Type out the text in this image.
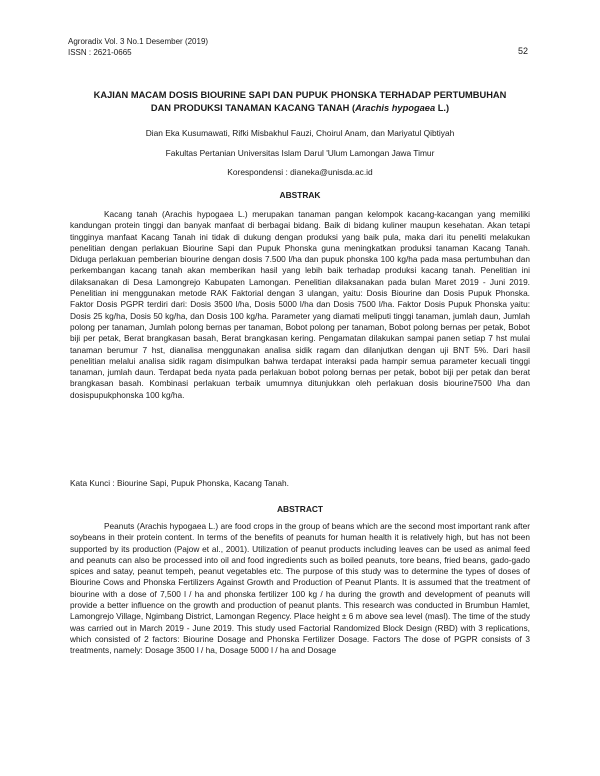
Agroradix Vol. 3 No.1 Desember (2019)
ISSN : 2621-0665	52
KAJIAN MACAM DOSIS BIOURINE SAPI DAN PUPUK PHONSKA TERHADAP PERTUMBUHAN
DAN PRODUKSI TANAMAN KACANG TANAH (Arachis hypogaea L.)
Dian Eka Kusumawati, Rifki Misbakhul Fauzi, Choirul Anam, dan Mariyatul Qibtiyah
Fakultas Pertanian Universitas Islam Darul 'Ulum Lamongan Jawa Timur
Korespondensi : dianeka@unisda.ac.id
ABSTRAK
Kacang tanah (Arachis hypogaea L.) merupakan tanaman pangan kelompok kacang-kacangan yang memiliki kandungan protein tinggi dan banyak manfaat di berbagai bidang. Baik di bidang kuliner maupun kesehatan. Akan tetapi tingginya manfaat Kacang Tanah ini tidak di dukung dengan produksi yang baik pula, maka dari itu peneliti melakukan penelitian dengan perlakuan Biourine Sapi dan Pupuk Phonska guna meningkatkan produksi tanaman Kacang Tanah. Diduga perlakuan pemberian biourine dengan dosis 7.500 l/ha dan pupuk phonska 100 kg/ha pada masa pertumbuhan dan perkembangan kacang tanah akan memberikan hasil yang lebih baik terhadap produksi kacang tanah. Penelitian ini dilaksanakan di Desa Lamongrejo Kabupaten Lamongan. Penelitian dilaksanakan pada bulan Maret 2019 - Juni 2019. Penelitian ini menggunakan metode RAK Faktorial dengan 3 ulangan, yaitu: Dosis Biourine dan Dosis Pupuk Phonska. Faktor Dosis PGPR terdiri dari: Dosis 3500 l/ha, Dosis 5000 l/ha dan Dosis 7500 l/ha. Faktor Dosis Pupuk Phonska yaitu: Dosis 25 kg/ha, Dosis 50 kg/ha, dan Dosis 100 kg/ha. Parameter yang diamati meliputi tinggi tanaman, jumlah daun, Jumlah polong per tanaman, Jumlah polong bernas per tanaman, Bobot polong per tanaman, Bobot polong bernas per petak, Bobot biji per petak, Berat brangkasan basah, Berat brangkasan kering. Pengamatan dilakukan sampai panen setiap 7 hst mulai tanaman berumur 7 hst, dianalisa menggunakan analisa sidik ragam dan dilanjutkan dengan uji BNT 5%. Dari hasil penelitian melalui analisa sidik ragam disimpulkan bahwa terdapat interaksi pada hampir semua parameter kecuali tinggi tanaman, jumlah daun. Terdapat beda nyata pada perlakuan bobot polong bernas per petak, bobot biji per petak dan berat brangkasan basah. Kombinasi perlakuan terbaik umumnya ditunjukkan oleh perlakuan dosis biourine7500 l/ha dan dosispupukphonska 100 kg/ha.
Kata Kunci : Biourine Sapi, Pupuk Phonska, Kacang Tanah.
ABSTRACT
Peanuts (Arachis hypogaea L.) are food crops in the group of beans which are the second most important rank after soybeans in their protein content. In terms of the benefits of peanuts for human health it is relatively high, but has not been supported by its production (Pajow et al., 2001). Utilization of peanut products including leaves can be used as animal feed and peanuts can also be processed into oil and food ingredients such as boiled peanuts, tore beans, fried beans, gado-gado spices and satay, peanut tempeh, peanut vegetables etc. The purpose of this study was to determine the types of doses of Biourine Cows and Phonska Fertilizers Against Growth and Production of Peanut Plants. It is assumed that the treatment of biourine with a dose of 7,500 l / ha and phonska fertilizer 100 kg / ha during the growth and development of peanuts will provide a better influence on the growth and production of peanut plants. This research was conducted in Brumbun Hamlet, Lamongrejo Village, Ngimbang District, Lamongan Regency. Place height ± 6 m above sea level (masl). The time of the study was carried out in March 2019 - June 2019. This study used Factorial Randomized Block Design (RBD) with 3 replications, which consisted of 2 factors: Biourine Dosage and Phonska Fertilizer Dosage. Factors The dose of PGPR consists of 3 treatments, namely: Dosage 3500 l / ha, Dosage 5000 l / ha and Dosage
